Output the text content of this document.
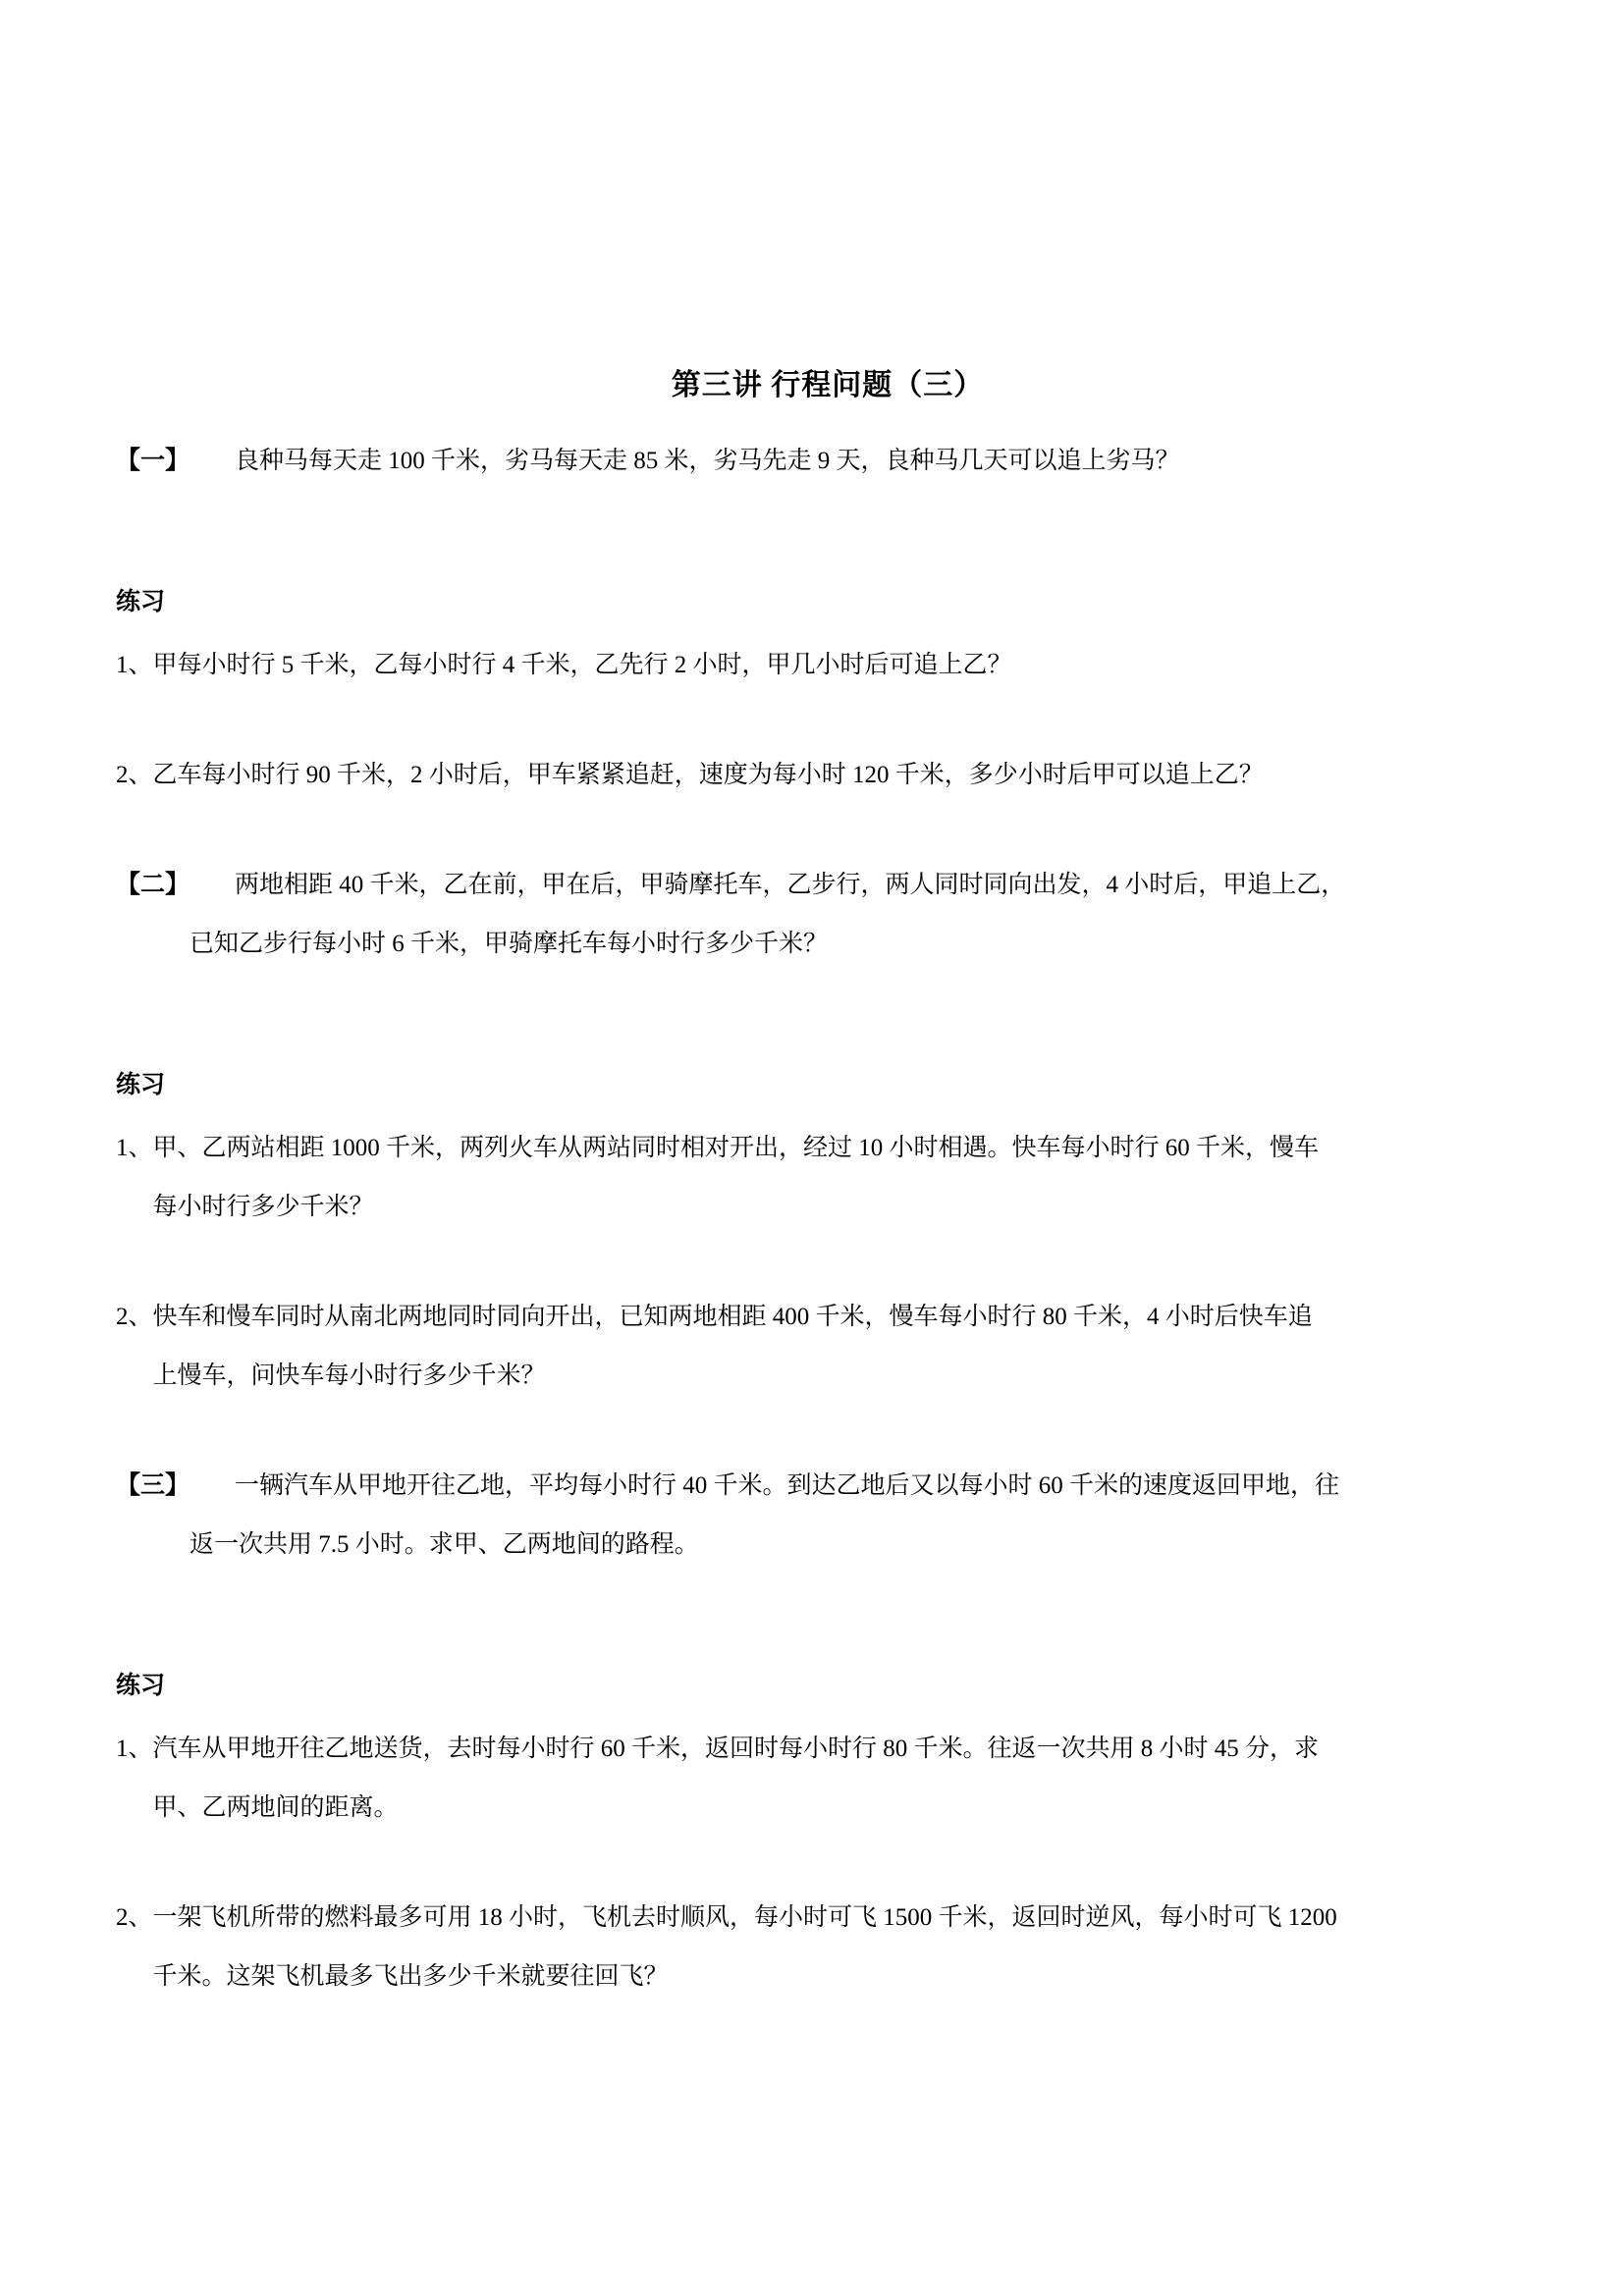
第三讲 行程问题（三）
【一】	良种马每天走 100 千米，劣马每天走 85 米，劣马先走 9 天，良种马几天可以追上劣马？
练习
1、 甲每小时行 5 千米，乙每小时行 4 千米，乙先行 2 小时，甲几小时后可追上乙？
2、 乙车每小时行 90 千米，2 小时后，甲车紧紧追赶，速度为每小时 120 千米，多少小时后甲可以追上乙？
【二】	两地相距 40 千米，乙在前，甲在后，甲骑摩托车，乙步行，两人同时同向出发，4 小时后，甲追上乙，
已知乙步行每小时 6 千米，甲骑摩托车每小时行多少千米？
练习
1、 甲、乙两站相距 1000 千米，两列火车从两站同时相对开出，经过 10 小时相遇。快车每小时行 60 千米，慢车
每小时行多少千米？
2、 快车和慢车同时从南北两地同时同向开出，已知两地相距 400 千米，慢车每小时行 80 千米，4 小时后快车追
上慢车，问快车每小时行多少千米？
【三】	一辆汽车从甲地开往乙地，平均每小时行 40 千米。到达乙地后又以每小时 60 千米的速度返回甲地，往
返一次共用 7.5 小时。求甲、乙两地间的路程。
练习
1、 汽车从甲地开往乙地送货，去时每小时行 60 千米，返回时每小时行 80 千米。往返一次共用 8 小时 45 分，求
甲、乙两地间的距离。
2、 一架飞机所带的燃料最多可用 18 小时，飞机去时顺风，每小时可飞 1500 千米，返回时逆风，每小时可飞 1200
千米。这架飞机最多飞出多少千米就要往回飞？
